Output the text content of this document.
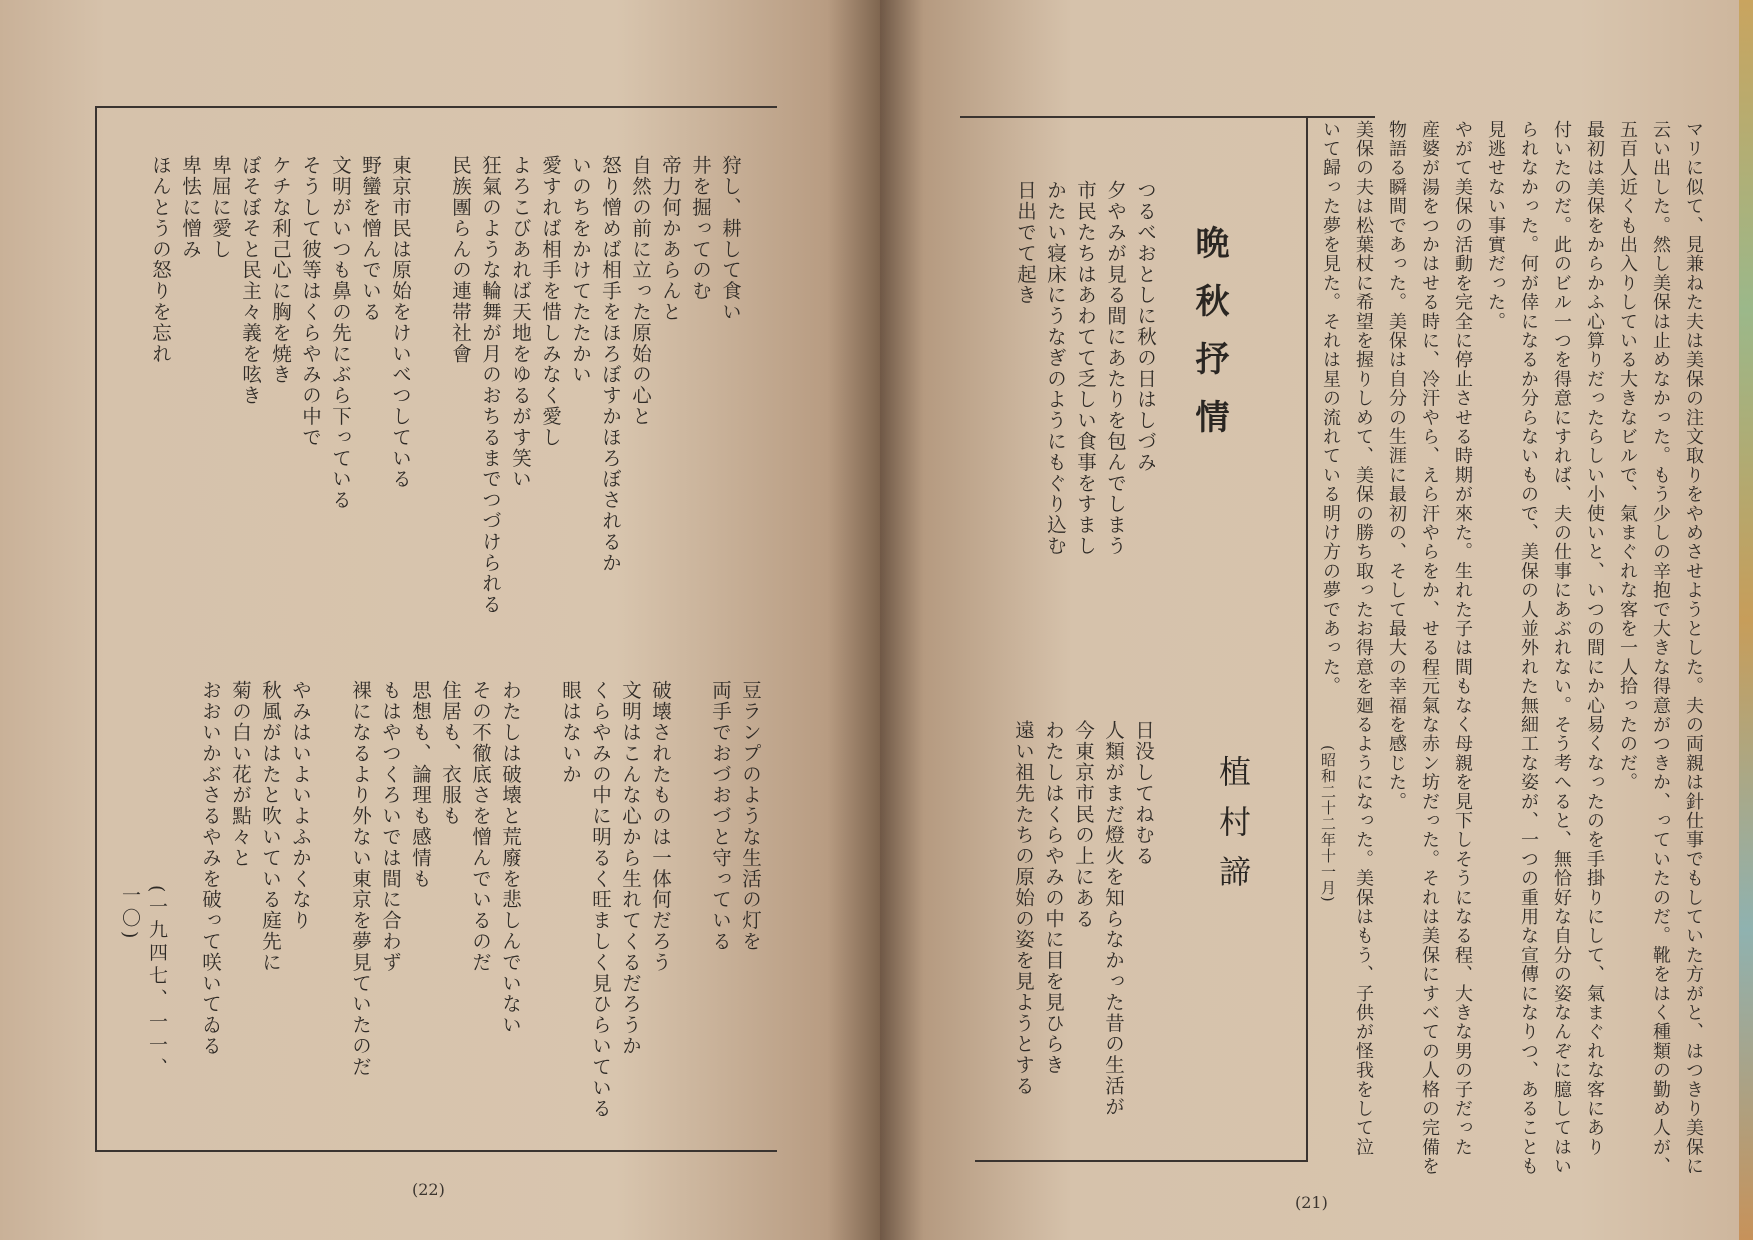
狩し、耕して食い
井を掘ってのむ
帝力何かあらんと
自然の前に立った原始の心と
怒り憎めば相手をほろぼすかほろぼされるか
いのちをかけてたたかい
愛すれば相手を惜しみなく愛し
よろこびあれば天地をゆるがす笑い
狂氣のような輪舞が月のおちるまでつづけられる
民族團らんの連帯社會
東京市民は原始をけいべつしている
野蠻を憎んでいる
文明がいつも鼻の先にぶら下っている
そうして彼等はくらやみの中で
ケチな利己心に胸を焼き
ぼそぼそと民主々義を呟き
卑屈に愛し
卑怯に憎み
ほんとうの怒りを忘れ
豆ランプのような生活の灯を
両手でおづおづと守っている
破壊されたものは一体何だろう
文明はこんな心から生れてくるだろうか
くらやみの中に明るく旺ましく見ひらいている
眼はないか
わたしは破壊と荒廢を悲しんでいない
その不徹底さを憎んでいるのだ
住居も、衣服も
思想も、論理も感情も
もはやつくろいでは間に合わず
裸になるより外ない東京を夢見ていたのだ
やみはいよいよふかくなり
秋風がはたと吹いている庭先に
菊の白い花が點々と
おおいかぶさるやみを破って咲いてゐる
(一九四七、一一、一〇)
(22)
晩秋抒情
植村諦
つるべおとしに秋の日はしづみ
夕やみが見る間にあたりを包んでしまう
市民たちはあわてて乏しい食事をすまし
かたい寝床にうなぎのようにもぐり込む
日出でて起き
日没してねむる
人類がまだ燈火を知らなかった昔の生活が
今東京市民の上にある
わたしはくらやみの中に目を見ひらき
遠い祖先たちの原始の姿を見ようとする	マリに似て、見兼ねた夫は美保の注文取りをやめさせようとした。夫の両親は針仕事でもしていた方がと、はつきり美保に
云い出した。然し美保は止めなかった。もう少しの辛抱で大きな得意がつきか、っていたのだ。靴をはく種類の勤め人が、
五百人近くも出入りしている大きなビルで、氣まぐれな客を一人拾ったのだ。
最初は美保をからかふ心算りだったらしい小使いと、いつの間にか心易くなったのを手掛りにして、氣まぐれな客にあり
付いたのだ。此のビル一つを得意にすれば、夫の仕事にあぶれない。そう考へると、無恰好な自分の姿なんぞに臆してはい
られなかった。何が倖になるか分らないもので、美保の人並外れた無細工な姿が、一つの重用な宣傳になりつ、あることも
見逃せない事實だった。
やがて美保の活動を完全に停止させる時期が來た。生れた子は間もなく母親を見下しそうになる程、大きな男の子だった
産婆が湯をつかはせる時に、冷汗やら、えら汗やらをか、せる程元氣な赤ン坊だった。それは美保にすべての人格の完備を
物語る瞬間であった。美保は自分の生涯に最初の、そして最大の幸福を感じた。
美保の夫は松葉杖に希望を握りしめて、美保の勝ち取ったお得意を廻るようになった。美保はもう、子供が怪我をして泣
いて歸った夢を見た。それは星の流れている明け方の夢であった。
(昭和二十二年十一月)
(21)
